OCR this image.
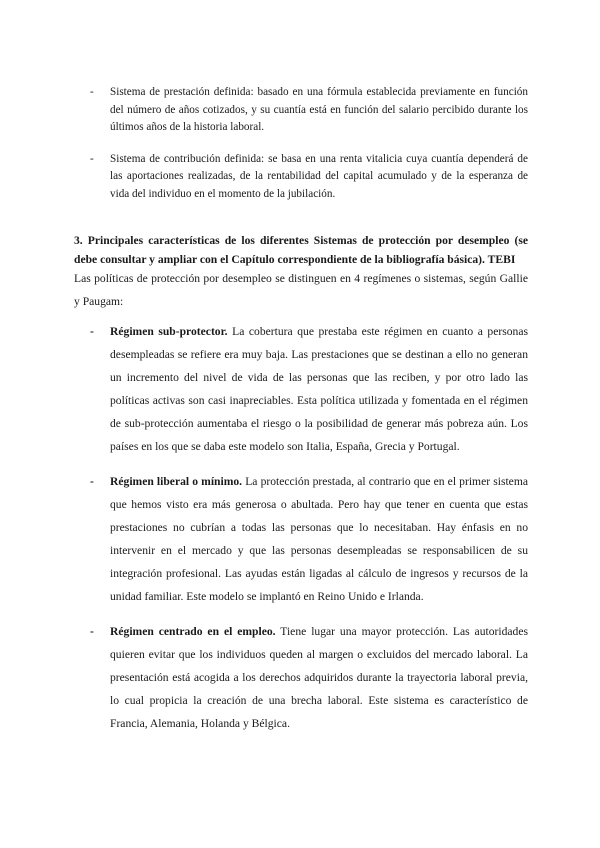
- Sistema de prestación definida: basado en una fórmula establecida previamente en función del número de años cotizados, y su cuantía está en función del salario percibido durante los últimos años de la historia laboral.
- Sistema de contribución definida: se basa en una renta vitalicia cuya cuantía dependerá de las aportaciones realizadas, de la rentabilidad del capital acumulado y de la esperanza de vida del individuo en el momento de la jubilación.

3. Principales características de los diferentes Sistemas de protección por desempleo (se debe consultar y ampliar con el Capítulo correspondiente de la bibliografía básica). TEBI

Las políticas de protección por desempleo se distinguen en 4 regímenes o sistemas, según Gallie y Paugam:

- Régimen sub-protector. La cobertura que prestaba este régimen en cuanto a personas desempleadas se refiere era muy baja. Las prestaciones que se destinan a ello no generan un incremento del nivel de vida de las personas que las reciben, y por otro lado las políticas activas son casi inapreciables. Esta política utilizada y fomentada en el régimen de sub-protección aumentaba el riesgo o la posibilidad de generar más pobreza aún. Los países en los que se daba este modelo son Italia, España, Grecia y Portugal.
- Régimen liberal o mínimo. La protección prestada, al contrario que en el primer sistema que hemos visto era más generosa o abultada. Pero hay que tener en cuenta que estas prestaciones no cubrían a todas las personas que lo necesitaban. Hay énfasis en no intervenir en el mercado y que las personas desempleadas se responsabilicen de su integración profesional. Las ayudas están ligadas al cálculo de ingresos y recursos de la unidad familiar. Este modelo se implantó en Reino Unido e Irlanda.
- Régimen centrado en el empleo. Tiene lugar una mayor protección. Las autoridades quieren evitar que los individuos queden al margen o excluidos del mercado laboral. La presentación está acogida a los derechos adquiridos durante la trayectoria laboral previa, lo cual propicia la creación de una brecha laboral. Este sistema es característico de Francia, Alemania, Holanda y Bélgica.
